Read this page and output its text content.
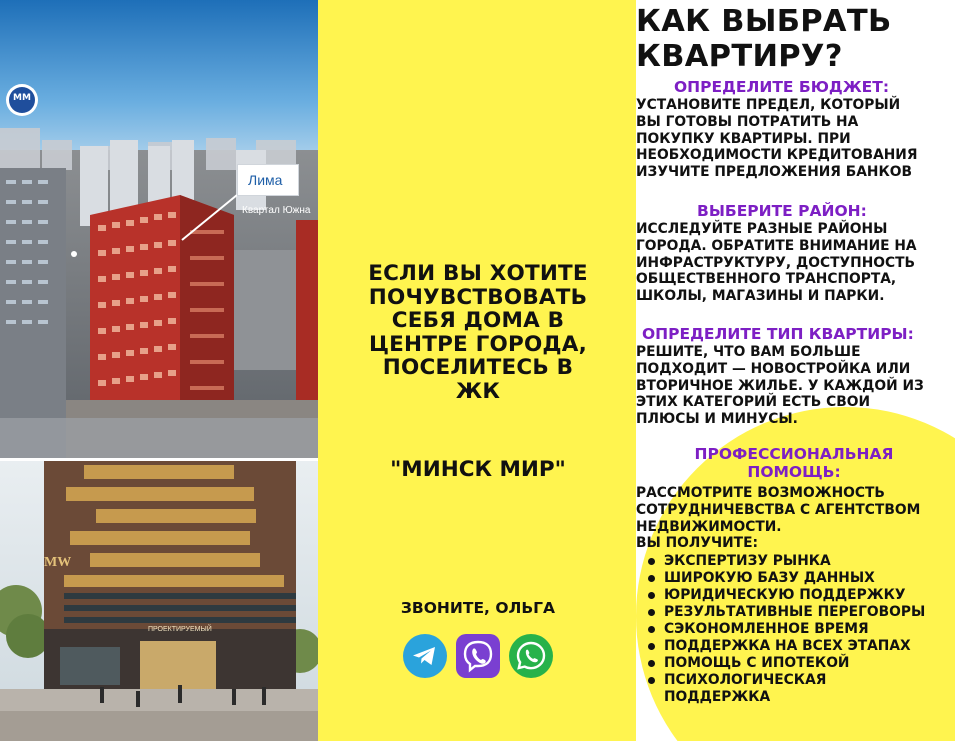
MM
Лима
Квартал Южна
MW
ПРОЕКТИРУЕМЫЙ
ЕСЛИ ВЫ ХОТИТЕ
ПОЧУВСТВОВАТЬ
СЕБЯ ДОМА В
ЦЕНТРЕ ГОРОДА,
ПОСЕЛИТЕСЬ В
ЖК
"МИНСК МИР"
ЗВОНИТЕ, ОЛЬГА
КАК ВЫБРАТЬ
КВАРТИРУ?
ОПРЕДЕЛИТЕ БЮДЖЕТ:
УСТАНОВИТЕ ПРЕДЕЛ, КОТОРЫЙ
ВЫ ГОТОВЫ ПОТРАТИТЬ НА
ПОКУПКУ КВАРТИРЫ. ПРИ
НЕОБХОДИМОСТИ КРЕДИТОВАНИЯ
ИЗУЧИТЕ ПРЕДЛОЖЕНИЯ БАНКОВ
ВЫБЕРИТЕ РАЙОН:
ИССЛЕДУЙТЕ РАЗНЫЕ РАЙОНЫ
ГОРОДА. ОБРАТИТЕ ВНИМАНИЕ НА
ИНФРАСТРУКТУРУ, ДОСТУПНОСТЬ
ОБЩЕСТВЕННОГО ТРАНСПОРТА,
ШКОЛЫ, МАГАЗИНЫ И ПАРКИ.
ОПРЕДЕЛИТЕ ТИП КВАРТИРЫ:
РЕШИТЕ, ЧТО ВАМ БОЛЬШЕ
ПОДХОДИТ — НОВОСТРОЙКА ИЛИ
ВТОРИЧНОЕ ЖИЛЬЕ. У КАЖДОЙ ИЗ
ЭТИХ КАТЕГОРИЙ ЕСТЬ СВОИ
ПЛЮСЫ И МИНУСЫ.
ПРОФЕССИОНАЛЬНАЯ ПОМОЩЬ:
РАССМОТРИТЕ ВОЗМОЖНОСТЬ
СОТРУДНИЧЕВСТВА С АГЕНТСТВОМ
НЕДВИЖИМОСТИ.
ВЫ ПОЛУЧИТЕ:
ЭКСПЕРТИЗУ РЫНКА
ШИРОКУЮ БАЗУ ДАННЫХ
ЮРИДИЧЕСКУЮ ПОДДЕРЖКУ
РЕЗУЛЬТАТИВНЫЕ ПЕРЕГОВОРЫ
СЭКОНОМЛЕННОЕ ВРЕМЯ
ПОДДЕРЖКА НА ВСЕХ ЭТАПАХ
ПОМОЩЬ С ИПОТЕКОЙ
ПСИХОЛОГИЧЕСКАЯ ПОДДЕРЖКА
